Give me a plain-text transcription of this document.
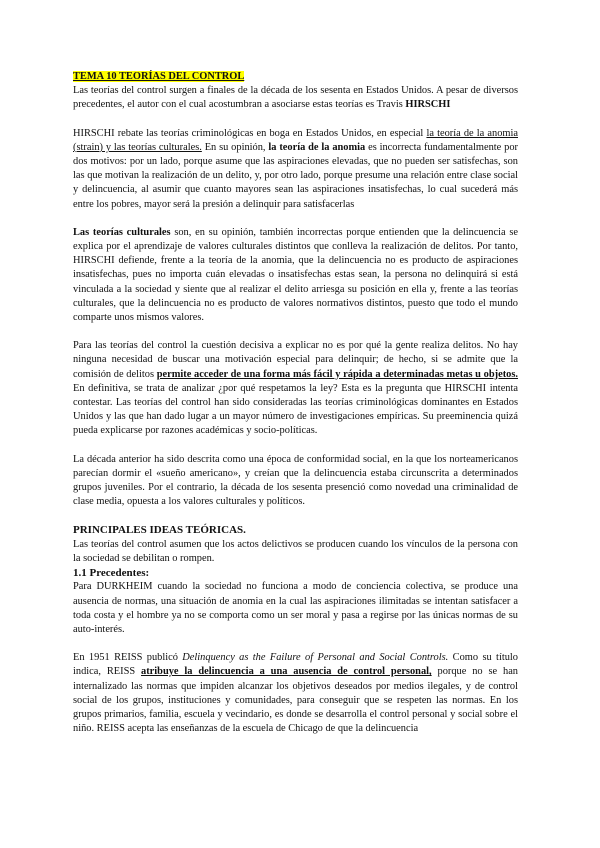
TEMA 10 TEORÍAS DEL CONTROL

Las teorías del control surgen a finales de la década de los sesenta en Estados Unidos. A pesar de diversos precedentes, el autor con el cual acostumbran a asociarse estas teorías es Travis HIRSCHI

HIRSCHI rebate las teorías criminológicas en boga en Estados Unidos, en especial la teoría de la anomia (strain) y las teorías culturales. En su opinión, la teoría de la anomia es incorrecta fundamentalmente por dos motivos: por un lado, porque asume que las aspiraciones elevadas, que no pueden ser satisfechas, son las que motivan la realización de un delito, y, por otro lado, porque presume una relación entre clase social y delincuencia, al asumir que cuanto mayores sean las aspiraciones insatisfechas, lo cual sucederá más entre los pobres, mayor será la presión a delinquir para satisfacerlas

Las teorías culturales son, en su opinión, también incorrectas porque entienden que la delincuencia se explica por el aprendizaje de valores culturales distintos que conlleva la realización de delitos. Por tanto, HIRSCHI defiende, frente a la teoría de la anomia, que la delincuencia no es producto de aspiraciones insatisfechas, pues no importa cuán elevadas o insatisfechas estas sean, la persona no delinquirá si está vinculada a la sociedad y siente que al realizar el delito arriesga su posición en ella y, frente a las teorías culturales, que la delincuencia no es producto de valores normativos distintos, puesto que todo el mundo comparte unos mismos valores.

Para las teorías del control la cuestión decisiva a explicar no es por qué la gente realiza delitos. No hay ninguna necesidad de buscar una motivación especial para delinquir; de hecho, si se admite que la comisión de delitos permite acceder de una forma más fácil y rápida a determinadas metas u objetos. En definitiva, se trata de analizar ¿por qué respetamos la ley? Esta es la pregunta que HIRSCHI intenta contestar. Las teorías del control han sido consideradas las teorías criminológicas dominantes en Estados Unidos y las que han dado lugar a un mayor número de investigaciones empíricas. Su preeminencia quizá pueda explicarse por razones académicas y socio-políticas.

La década anterior ha sido descrita como una época de conformidad social, en la que los norteamericanos parecían dormir el «sueño americano», y creían que la delincuencia estaba circunscrita a determinados grupos juveniles. Por el contrario, la década de los sesenta presenció como novedad una criminalidad de clase media, opuesta a los valores culturales y políticos.

PRINCIPALES IDEAS TEÓRICAS.

Las teorías del control asumen que los actos delictivos se producen cuando los vínculos de la persona con la sociedad se debilitan o rompen.

1.1 Precedentes:

Para DURKHEIM cuando la sociedad no funciona a modo de conciencia colectiva, se produce una ausencia de normas, una situación de anomia en la cual las aspiraciones ilimitadas se intentan satisfacer a toda costa y el hombre ya no se comporta como un ser moral y pasa a regirse por las únicas normas de su auto-interés.

En 1951 REISS publicó Delinquency as the Failure of Personal and Social Controls. Como su título indica, REISS atribuye la delincuencia a una ausencia de control personal, porque no se han internalizado las normas que impiden alcanzar los objetivos deseados por medios ilegales, y de control social de los grupos, instituciones y comunidades, para conseguir que se respeten las normas. En los grupos primarios, familia, escuela y vecindario, es donde se desarrolla el control personal y social sobre el niño. REISS acepta las enseñanzas de la escuela de Chicago de que la delincuencia
